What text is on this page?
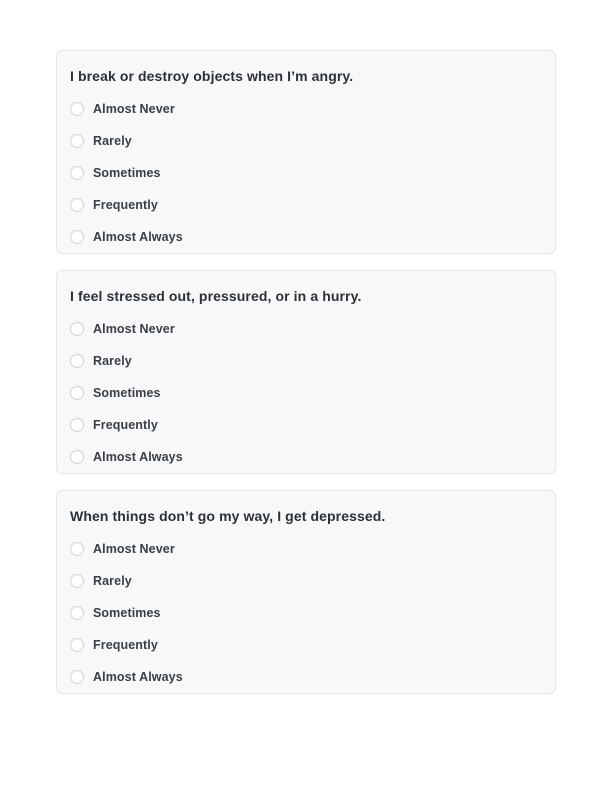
I break or destroy objects when I’m angry.
Almost Never
Rarely
Sometimes
Frequently
Almost Always
I feel stressed out, pressured, or in a hurry.
Almost Never
Rarely
Sometimes
Frequently
Almost Always
When things don’t go my way, I get depressed.
Almost Never
Rarely
Sometimes
Frequently
Almost Always
